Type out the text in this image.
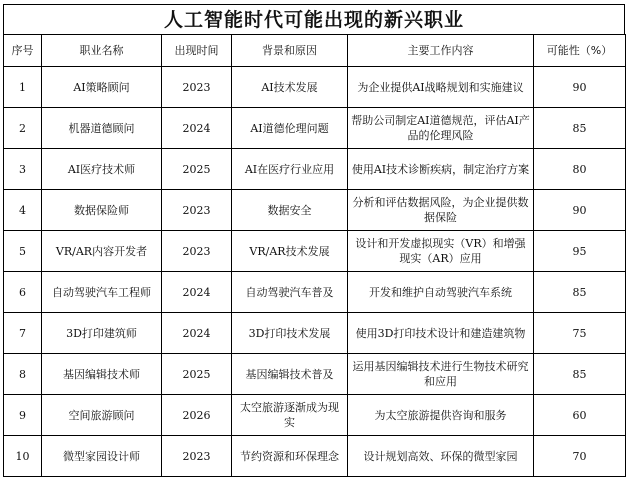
人工智能时代可能出现的新兴职业
序号	职业名称	出现时间	背景和原因	主要工作内容	可能性（%）
1	AI策略顾问	2023	AI技术发展	为企业提供AI战略规划和实施建议	90
2	机器道德顾问	2024	AI道德伦理问题	帮助公司制定AI道德规范，评估AI产品的伦理风险	85
3	AI医疗技术师	2025	AI在医疗行业应用	使用AI技术诊断疾病，制定治疗方案	80
4	数据保险师	2023	数据安全	分析和评估数据风险，为企业提供数据保险	90
5	VR/AR内容开发者	2023	VR/AR技术发展	设计和开发虚拟现实（VR）和增强现实（AR）应用	95
6	自动驾驶汽车工程师	2024	自动驾驶汽车普及	开发和维护自动驾驶汽车系统	85
7	3D打印建筑师	2024	3D打印技术发展	使用3D打印技术设计和建造建筑物	75
8	基因编辑技术师	2025	基因编辑技术普及	运用基因编辑技术进行生物技术研究和应用	85
9	空间旅游顾问	2026	太空旅游逐渐成为现实	为太空旅游提供咨询和服务	60
10	微型家园设计师	2023	节约资源和环保理念	设计规划高效、环保的微型家园	70
